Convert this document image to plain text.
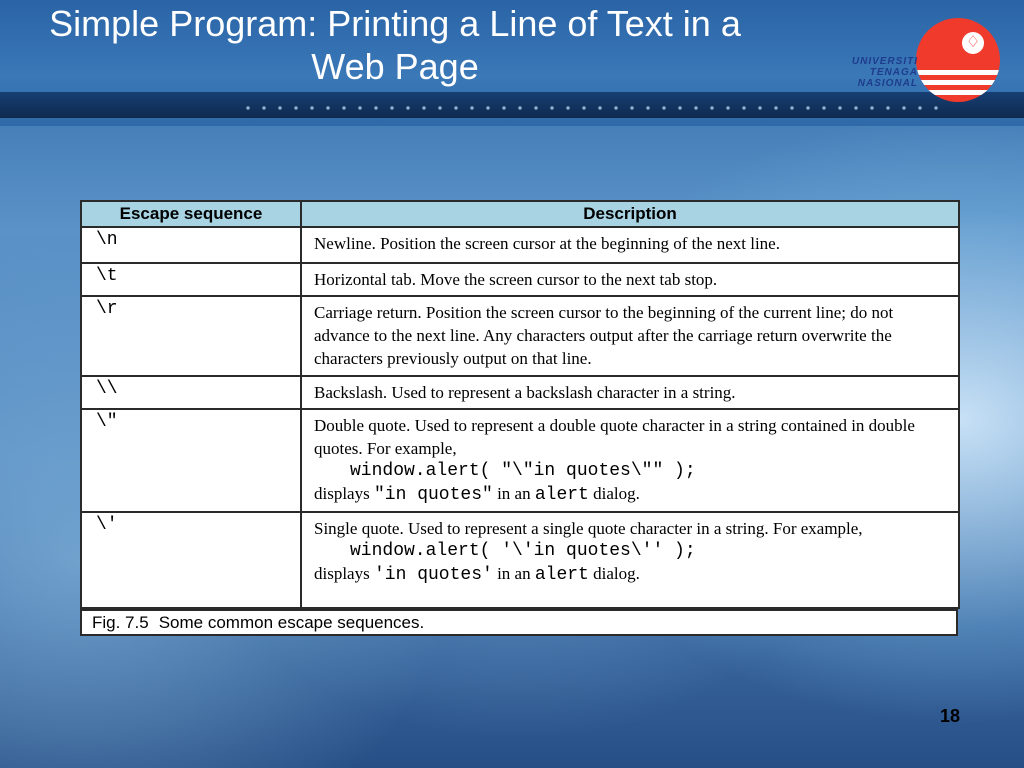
Simple Program: Printing a Line of Text in a
Web Page
♢
UNIVERSITI
TENAGA
NASIONAL
Escape sequence	Description
\n	Newline. Position the screen cursor at the beginning of the next line.
\t	Horizontal tab. Move the screen cursor to the next tab stop.
\r	Carriage return. Position the screen cursor to the beginning of the current line; do not advance to the next line. Any characters output after the carriage return overwrite the characters previously output on that line.
\\	Backslash. Used to represent a backslash character in a string.
\"	Double quote. Used to represent a double quote character in a string contained in double quotes. For example,
window.alert( "\"in quotes\"" );
displays "in quotes" in an alert dialog.

\'	Single quote. Used to represent a single quote character in a string. For example,
window.alert( '\'in quotes\'' );
displays 'in quotes' in an alert dialog.
Fig. 7.5 Some common escape sequences.
18
